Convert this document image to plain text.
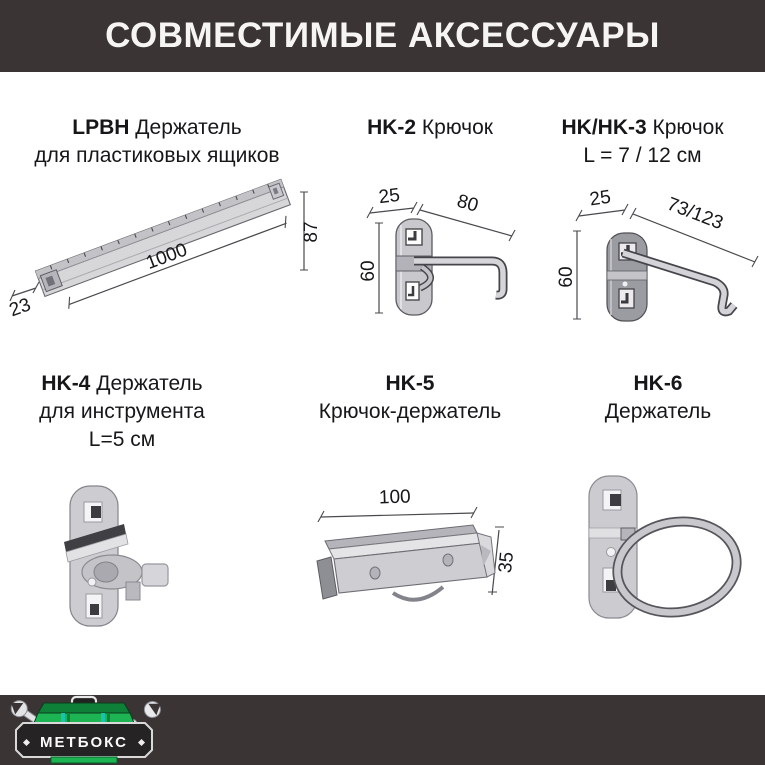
СОВМЕСТИМЫЕ АКСЕССУАРЫ
LPBH Держатель
для пластиковых ящиков
HK-2 Крючок	HK/HK-3 Крючок
L = 7 / 12 см
HK-4 Держатель
для инструмента
L=5 см
HK-5
Крючок-держатель
HK-6
Держатель
1000
87
23
25	80
60
25	73/123
60
100
35
МЕТБОКС
